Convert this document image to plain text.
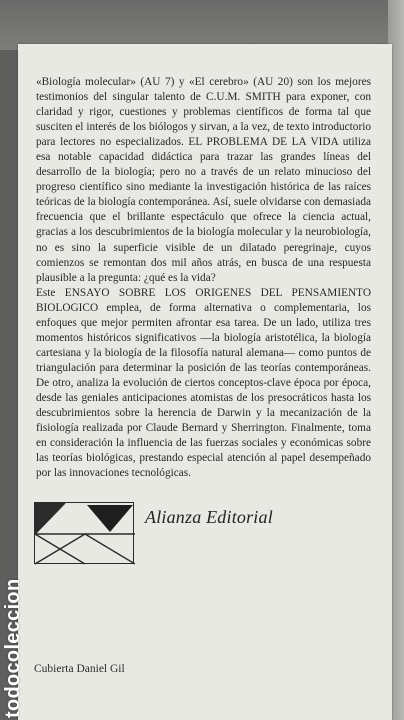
«Biología molecular» (AU 7) y «El cerebro» (AU 20) son los mejores testimonios del singular talento de C.U.M. SMITH para exponer, con claridad y rigor, cuestiones y problemas científicos de forma tal que susciten el interés de los biólogos y sirvan, a la vez, de texto introductorio para lectores no especializados. EL PROBLEMA DE LA VIDA utiliza esa notable capacidad didáctica para trazar las grandes líneas del desarrollo de la biología; pero no a través de un relato minucioso del progreso científico sino mediante la investigación histórica de las raíces teóricas de la biología contemporánea. Así, suele olvidarse con demasiada frecuencia que el brillante espectáculo que ofrece la ciencia actual, gracias a los descubrimientos de la biología molecular y la neurobiología, no es sino la superficie visible de un dilatado peregrinaje, cuyos comienzos se remontan dos mil años atrás, en busca de una respuesta plausible a la pregunta: ¿qué es la vida?

Este ENSAYO SOBRE LOS ORIGENES DEL PENSAMIENTO BIOLOGICO emplea, de forma alternativa o complementaria, los enfoques que mejor permiten afrontar esa tarea. De un lado, utiliza tres momentos históricos significativos —la biología aristotélica, la biología cartesiana y la biología de la filosofía natural alemana— como puntos de triangulación para determinar la posición de las teorías contemporáneas. De otro, analiza la evolución de ciertos conceptos-clave época por época, desde las geniales anticipaciones atomistas de los presocráticos hasta los descubrimientos sobre la herencia de Darwin y la mecanización de la fisiología realizada por Claude Bernard y Sherrington. Finalmente, toma en consideración la influencia de las fuerzas sociales y económicas sobre las teorías biológicas, prestando especial atención al papel desempeñado por las innovaciones tecnológicas.

Alianza Editorial
Cubierta Daniel Gil
todocoleccion
